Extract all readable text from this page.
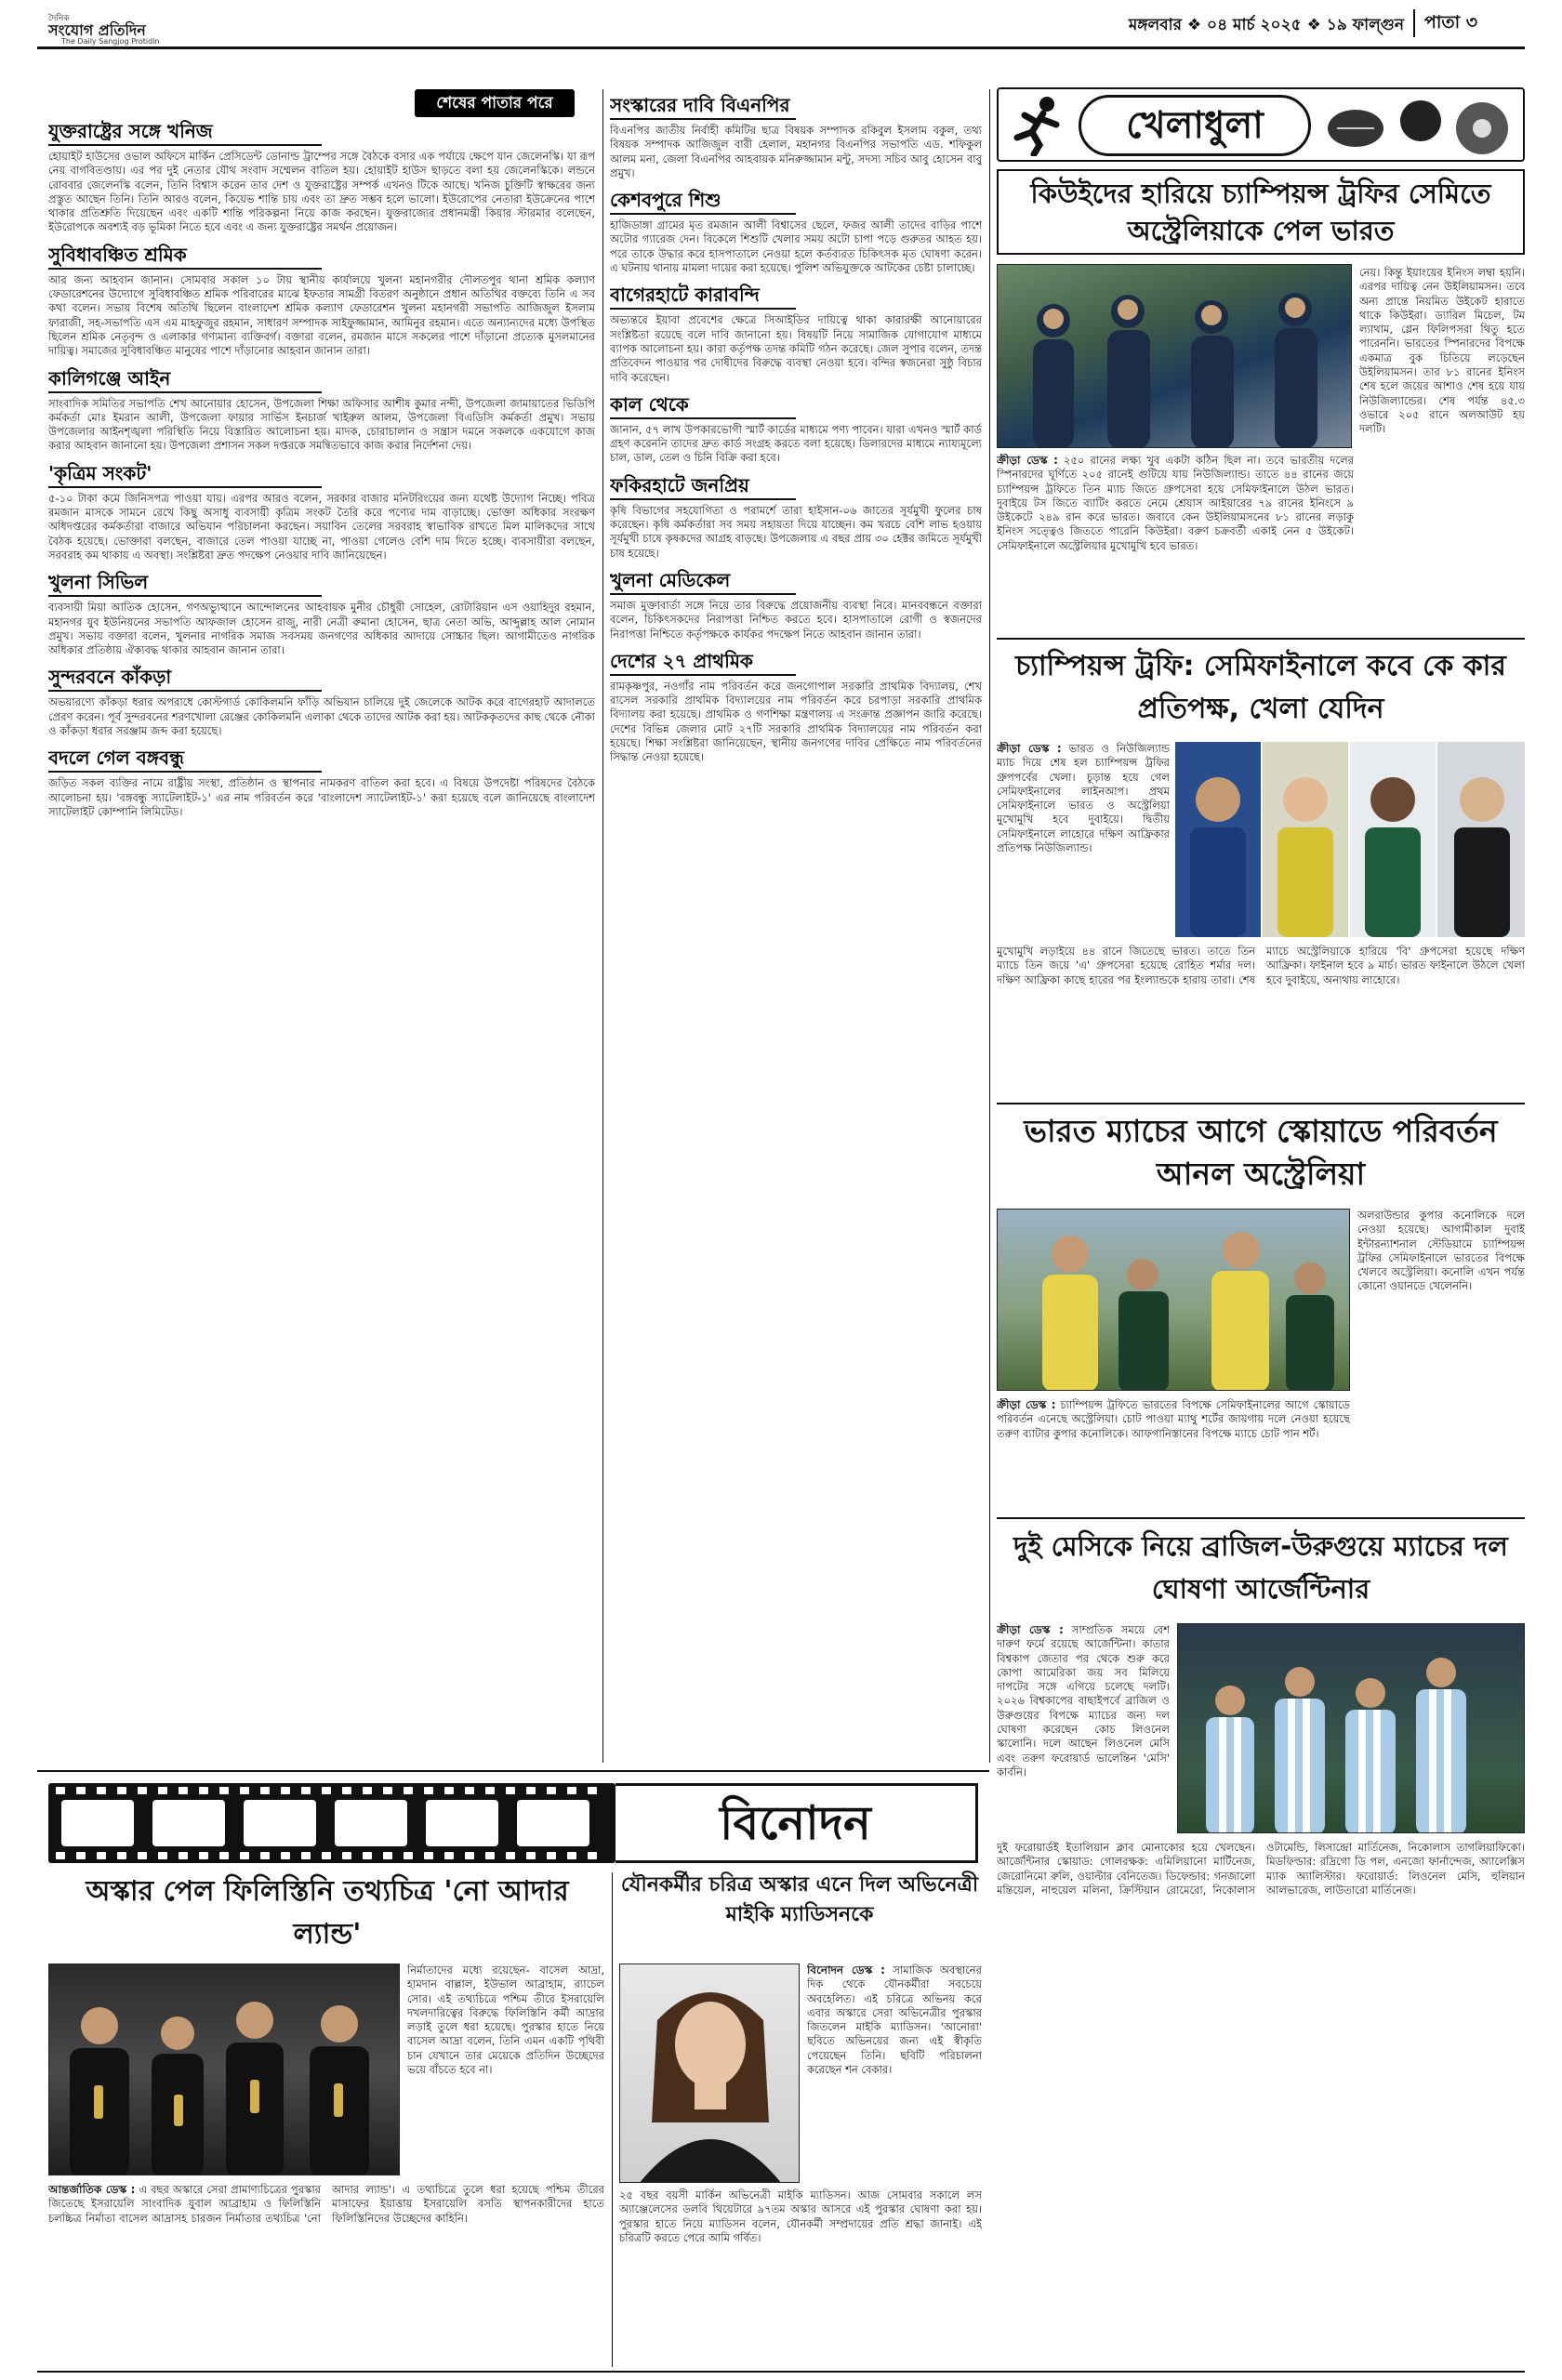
দৈনিক
সংযোগ প্রতিদিন
The Daily Sangjog Protidin
মঙ্গলবার ❖ ০৪ মার্চ ২০২৫ ❖ ১৯ ফাল্গুন	পাতা ৩
শেষের পাতার পরে
যুক্তরাষ্ট্রের সঙ্গে খনিজ
হোয়াইট হাউসের ওভাল অফিসে মার্কিন প্রেসিডেন্ট ডোনাল্ড ট্রাম্পের সঙ্গে বৈঠকে বসার এক পর্যায়ে ক্ষেপে যান জেলেনস্কি। যা রূপ নেয় বাগবিতণ্ডায়। এর পর দুই নেতার যৌথ সংবাদ সম্মেলন বাতিল হয়। হোয়াইট হাউস ছাড়তে বলা হয় জেলেনস্কিকে। লন্ডনে রোববার জেলেনস্কি বলেন, তিনি বিশ্বাস করেন তার দেশ ও যুক্তরাষ্ট্রের সম্পর্ক এখনও টিকে আছে। খনিজ চুক্তিটি স্বাক্ষরের জন্য প্রস্তুত আছেন তিনি। তিনি আরও বলেন, কিয়েভ শান্তি চায় এবং তা দ্রুত সম্ভব হলে ভালো। ইউরোপের নেতারা ইউক্রেনের পাশে থাকার প্রতিশ্রুতি দিয়েছেন এবং একটি শান্তি পরিকল্পনা নিয়ে কাজ করছেন। যুক্তরাজ্যের প্রধানমন্ত্রী কিয়ার স্টারমার বলেছেন, ইউরোপকে অবশ্যই বড় ভূমিকা নিতে হবে এবং এ জন্য যুক্তরাষ্ট্রের সমর্থন প্রয়োজন।
সুবিধাবঞ্চিত শ্রমিক
আর জন্য আহবান জানান। সোমবার সকাল ১০ টায় স্থানীয় কার্যালয়ে খুলনা মহানগরীর দৌলতপুর থানা শ্রমিক কল্যাণ ফেডারেশনের উদ্যোগে সুবিধাবঞ্চিত শ্রমিক পরিবারের মাঝে ইফতার সামগ্রী বিতরণ অনুষ্ঠানে প্রধান অতিথির বক্তব্যে তিনি এ সব কথা বলেন। সভায় বিশেষ অতিথি ছিলেন বাংলাদেশ শ্রমিক কল্যাণ ফেডারেশন খুলনা মহানগরী সভাপতি আজিজুল ইসলাম ফারাজী, সহ-সভাপতি এস এম মাহফুজুর রহমান, সাধারণ সম্পাদক সাইফুজ্জামান, আমিনুর রহমান। এতে অন্যান্যদের মধ্যে উপস্থিত ছিলেন শ্রমিক নেতৃবৃন্দ ও এলাকার গণ্যমান্য ব্যক্তিবর্গ। বক্তারা বলেন, রমজান মাসে সকলের পাশে দাঁড়ানো প্রত্যেক মুসলমানের দায়িত্ব। সমাজের সুবিধাবঞ্চিত মানুষের পাশে দাঁড়ানোর আহবান জানান তারা।
কালিগঞ্জে আইন
সাংবাদিক সমিতির সভাপতি শেখ আনোয়ার হোসেন, উপজেলা শিক্ষা অফিসার আশীষ কুমার নন্দী, উপজেলা জামায়াতের ভিডিপি কর্মকর্তা মোঃ ইমরান আলী, উপজেলা ফায়ার সার্ভিস ইনচার্জ খাইরুল আলম, উপজেলা বিএডিসি কর্মকর্তা প্রমুখ। সভায় উপজেলার আইনশৃঙ্খলা পরিস্থিতি নিয়ে বিস্তারিত আলোচনা হয়। মাদক, চোরাচালান ও সন্ত্রাস দমনে সকলকে একযোগে কাজ করার আহবান জানানো হয়। উপজেলা প্রশাসন সকল দপ্তরকে সমন্বিতভাবে কাজ করার নির্দেশনা দেয়।
'কৃত্রিম সংকট'
৫-১০ টাকা কমে জিনিসপত্র পাওয়া যায়। এরপর আরও বলেন, সরকার বাজার মনিটরিংয়ের জন্য যথেষ্ট উদ্যোগ নিচ্ছে। পবিত্র রমজান মাসকে সামনে রেখে কিছু অসাধু ব্যবসায়ী কৃত্রিম সংকট তৈরি করে পণ্যের দাম বাড়াচ্ছে। ভোক্তা অধিকার সংরক্ষণ অধিদপ্তরের কর্মকর্তারা বাজারে অভিযান পরিচালনা করছেন। সয়াবিন তেলের সরবরাহ স্বাভাবিক রাখতে মিল মালিকদের সাথে বৈঠক হয়েছে। ভোক্তারা বলছেন, বাজারে তেল পাওয়া যাচ্ছে না, পাওয়া গেলেও বেশি দাম দিতে হচ্ছে। ব্যবসায়ীরা বলছেন, সরবরাহ কম থাকায় এ অবস্থা। সংশ্লিষ্টরা দ্রুত পদক্ষেপ নেওয়ার দাবি জানিয়েছেন।
খুলনা সিভিল
ব্যবসায়ী মিয়া আতিক হোসেন, গণঅভ্যুত্থানে আন্দোলনের আহবায়ক মুনীর চৌধুরী সোহেল, রোটারিয়ান এস ওয়াহিদুর রহমান, মহানগর যুব ইউনিয়নের সভাপতি আফজাল হোসেন রাজু, নারী নেত্রী রুমানা হোসেন, ছাত্র নেতা অভি, আব্দুল্লাহ আল নোমান প্রমুখ। সভায় বক্তারা বলেন, খুলনার নাগরিক সমাজ সবসময় জনগণের অধিকার আদায়ে সোচ্চার ছিল। আগামীতেও নাগরিক অধিকার প্রতিষ্ঠায় ঐক্যবদ্ধ থাকার আহবান জানান তারা।
সুন্দরবনে কাঁকড়া
অভয়ারণ্যে কাঁকড়া ধরার অপরাধে কোস্টগার্ড কোকিলমনি ফাঁড়ি অভিযান চালিয়ে দুই জেলেকে আটক করে বাগেরহাট আদালতে প্রেরণ করেন। পূর্ব সুন্দরবনের শরণখোলা রেঞ্জের কোকিলমনি এলাকা থেকে তাদের আটক করা হয়। আটককৃতদের কাছ থেকে নৌকা ও কাঁকড়া ধরার সরঞ্জাম জব্দ করা হয়েছে।
বদলে গেল বঙ্গবন্ধু
জড়িত সকল ব্যক্তির নামে রাষ্ট্রীয় সংস্থা, প্রতিষ্ঠান ও স্থাপনার নামকরণ বাতিল করা হবে। এ বিষয়ে উপদেষ্টা পরিষদের বৈঠকে আলোচনা হয়। 'বঙ্গবন্ধু স্যাটেলাইট-১' এর নাম পরিবর্তন করে 'বাংলাদেশ স্যাটেলাইট-১' করা হয়েছে বলে জানিয়েছে বাংলাদেশ স্যাটেলাইট কোম্পানি লিমিটেড।
সংস্কারের দাবি বিএনপির
বিএনপির জাতীয় নির্বাহী কমিটির ছাত্র বিষয়ক সম্পাদক রকিবুল ইসলাম বকুল, তথ্য বিষয়ক সম্পাদক আজিজুল বারী হেলাল, মহানগর বিএনপির সভাপতি এড. শফিকুল আলম মনা, জেলা বিএনপির আহবায়ক মনিরুজ্জামান মন্টু, সদস্য সচিব আবু হোসেন বাবু প্রমুখ।
কেশবপুরে শিশু
হাজিডাঙ্গা গ্রামের মৃত রমজান আলী বিশ্বাসের ছেলে, ফজর আলী তাদের বাড়ির পাশে অটোর গ্যারেজ দেন। বিকেলে শিশুটি খেলার সময় অটো চাপা পড়ে গুরুতর আহত হয়। পরে তাকে উদ্ধার করে হাসপাতালে নেওয়া হলে কর্তব্যরত চিকিৎসক মৃত ঘোষণা করেন। এ ঘটনায় থানায় মামলা দায়ের করা হয়েছে। পুলিশ অভিযুক্তকে আটকের চেষ্টা চালাচ্ছে।
বাগেরহাটে কারাবন্দি
অভ্যন্তরে ইয়াবা প্রবেশের ক্ষেত্রে সিআইডির দায়িত্বে থাকা কারারক্ষী আনোয়ারের সংশ্লিষ্টতা রয়েছে বলে দাবি জানানো হয়। বিষয়টি নিয়ে সামাজিক যোগাযোগ মাধ্যমে ব্যাপক আলোচনা হয়। কারা কর্তৃপক্ষ তদন্ত কমিটি গঠন করেছে। জেল সুপার বলেন, তদন্ত প্রতিবেদন পাওয়ার পর দোষীদের বিরুদ্ধে ব্যবস্থা নেওয়া হবে। বন্দির স্বজনেরা সুষ্ঠু বিচার দাবি করেছেন।
কাল থেকে
জানান, ৫৭ লাখ উপকারভোগী স্মার্ট কার্ডের মাধ্যমে পণ্য পাবেন। যারা এখনও স্মার্ট কার্ড গ্রহণ করেননি তাদের দ্রুত কার্ড সংগ্রহ করতে বলা হয়েছে। ডিলারদের মাধ্যমে ন্যায্যমূল্যে চাল, ডাল, তেল ও চিনি বিক্রি করা হবে।
ফকিরহাটে জনপ্রিয়
কৃষি বিভাগের সহযোগিতা ও পরামর্শে তারা হাইসান-০৬ জাতের সূর্যমুখী ফুলের চাষ করেছেন। কৃষি কর্মকর্তারা সব সময় সহায়তা দিয়ে যাচ্ছেন। কম খরচে বেশি লাভ হওয়ায় সূর্যমুখী চাষে কৃষকদের আগ্রহ বাড়ছে। উপজেলায় এ বছর প্রায় ৩০ হেক্টর জমিতে সূর্যমুখী চাষ হয়েছে।
খুলনা মেডিকেল
সমাজ মুক্তাবার্তা সঙ্গে নিয়ে তার বিরুদ্ধে প্রয়োজনীয় ব্যবস্থা নিবে। মানববন্ধনে বক্তারা বলেন, চিকিৎসকদের নিরাপত্তা নিশ্চিত করতে হবে। হাসপাতালে রোগী ও স্বজনদের নিরাপত্তা নিশ্চিতে কর্তৃপক্ষকে কার্যকর পদক্ষেপ নিতে আহবান জানান তারা।
দেশের ২৭ প্রাথমিক
রামকৃষ্ণপুর, নওগাঁর নাম পরিবর্তন করে জনগোপাল সরকারি প্রাথমিক বিদ্যালয়, শেখ রাসেল সরকারি প্রাথমিক বিদ্যালয়ের নাম পরিবর্তন করে চরপাড়া সরকারি প্রাথমিক বিদ্যালয় করা হয়েছে। প্রাথমিক ও গণশিক্ষা মন্ত্রণালয় এ সংক্রান্ত প্রজ্ঞাপন জারি করেছে। দেশের বিভিন্ন জেলার মোট ২৭টি সরকারি প্রাথমিক বিদ্যালয়ের নাম পরিবর্তন করা হয়েছে। শিক্ষা সংশ্লিষ্টরা জানিয়েছেন, স্থানীয় জনগণের দাবির প্রেক্ষিতে নাম পরিবর্তনের সিদ্ধান্ত নেওয়া হয়েছে।
খেলাধুলা
কিউইদের হারিয়ে চ্যাম্পিয়ন্স ট্রফির সেমিতে অস্ট্রেলিয়াকে পেল ভারত
নেয়। কিন্তু ইয়াংয়ের ইনিংস লম্বা হয়নি। এরপর দায়িত্ব নেন উইলিয়ামসন। তবে অন্য প্রান্তে নিয়মিত উইকেট হারাতে থাকে কিউইরা। ড্যারিল মিচেল, টম ল্যাথাম, গ্লেন ফিলিপসরা থিতু হতে পারেননি। ভারতের স্পিনারদের বিপক্ষে একমাত্র বুক চিতিয়ে লড়েছেন উইলিয়ামসন। তার ৮১ রানের ইনিংস শেষ হলে জয়ের আশাও শেষ হয়ে যায় নিউজিল্যান্ডের। শেষ পর্যন্ত ৪৫.৩ ওভারে ২০৫ রানে অলআউট হয় দলটি।
ক্রীড়া ডেস্ক : ২৫০ রানের লক্ষ্য খুব একটা কঠিন ছিল না। তবে ভারতীয় দলের স্পিনারদের ঘূর্ণিতে ২০৫ রানেই গুটিয়ে যায় নিউজিল্যান্ড। তাতে ৪৪ রানের জয়ে চ্যাম্পিয়ন্স ট্রফিতে তিন ম্যাচ জিতে গ্রুপসেরা হয়ে সেমিফাইনালে উঠল ভারত। দুবাইয়ে টস জিতে ব্যাটিং করতে নেমে শ্রেয়াস আইয়ারের ৭৯ রানের ইনিংসে ৯ উইকেটে ২৪৯ রান করে ভারত। জবাবে কেন উইলিয়ামসনের ৮১ রানের লড়াকু ইনিংস সত্ত্বেও জিততে পারেনি কিউইরা। বরুণ চক্রবর্তী একাই নেন ৫ উইকেট। সেমিফাইনালে অস্ট্রেলিয়ার মুখোমুখি হবে ভারত।
চ্যাম্পিয়ন্স ট্রফি: সেমিফাইনালে কবে কে কার প্রতিপক্ষ, খেলা যেদিন
ক্রীড়া ডেস্ক : ভারত ও নিউজিল্যান্ড ম্যাচ দিয়ে শেষ হল চ্যাম্পিয়ন্স ট্রফির গ্রুপপর্বের খেলা। চূড়ান্ত হয়ে গেল সেমিফাইনালের লাইনআপ। প্রথম সেমিফাইনালে ভারত ও অস্ট্রেলিয়া মুখোমুখি হবে দুবাইয়ে। দ্বিতীয় সেমিফাইনালে লাহোরে দক্ষিণ আফ্রিকার প্রতিপক্ষ নিউজিল্যান্ড।
মুখোমুখি লড়াইয়ে ৪৪ রানে জিতেছে ভারত। তাতে তিন ম্যাচে তিন জয়ে 'এ' গ্রুপসেরা হয়েছে রোহিত শর্মার দল। দক্ষিণ আফ্রিকা কাছে হারের পর ইংল্যান্ডকে হারায় তারা। শেষ ম্যাচে অস্ট্রেলিয়াকে হারিয়ে 'বি' গ্রুপসেরা হয়েছে দক্ষিণ আফ্রিকা। ফাইনাল হবে ৯ মার্চ। ভারত ফাইনালে উঠলে খেলা হবে দুবাইয়ে, অন্যথায় লাহোরে।
ভারত ম্যাচের আগে স্কোয়াডে পরিবর্তন আনল অস্ট্রেলিয়া
অলরাউন্ডার কুপার কনোলিকে দলে নেওয়া হয়েছে। আগামীকাল দুবাই ইন্টারন্যাশনাল স্টেডিয়ামে চ্যাম্পিয়ন্স ট্রফির সেমিফাইনালে ভারতের বিপক্ষে খেলবে অস্ট্রেলিয়া। কনোলি এখন পর্যন্ত কোনো ওয়ানডে খেলেননি।
ক্রীড়া ডেস্ক : চ্যাম্পিয়ন্স ট্রফিতে ভারতের বিপক্ষে সেমিফাইনালের আগে স্কোয়াডে পরিবর্তন এনেছে অস্ট্রেলিয়া। চোট পাওয়া ম্যাথু শর্টের জায়গায় দলে নেওয়া হয়েছে তরুণ ব্যাটার কুপার কনোলিকে। আফগানিস্তানের বিপক্ষে ম্যাচে চোট পান শর্ট।
দুই মেসিকে নিয়ে ব্রাজিল-উরুগুয়ে ম্যাচের দল ঘোষণা আর্জেন্টিনার
ক্রীড়া ডেস্ক : সাম্প্রতিক সময়ে বেশ দারুণ ফর্মে রয়েছে আর্জেন্টিনা। কাতার বিশ্বকাপ জেতার পর থেকে শুরু করে কোপা আমেরিকা জয় সব মিলিয়ে দাপটের সঙ্গে এগিয়ে চলেছে দলটি। ২০২৬ বিশ্বকাপের বাছাইপর্বে ব্রাজিল ও উরুগুয়ের বিপক্ষে ম্যাচের জন্য দল ঘোষণা করেছেন কোচ লিওনেল স্কালোনি। দলে আছেন লিওনেল মেসি এবং তরুণ ফরোয়ার্ড ভালেন্তিন 'মেসি' কার্বনি।
দুই ফরোয়ার্ডই ইতালিয়ান ক্লাব মোনাকোর হয়ে খেলছেন। আর্জেন্টিনার স্কোয়াড: গোলরক্ষক: এমিলিয়ানো মার্টিনেজ, জেরোনিমো রুলি, ওয়াল্টার বেনিতেজ। ডিফেন্ডার: গনজালো মন্তিয়েল, নাহুয়েল মলিনা, ক্রিস্টিয়ান রোমেরো, নিকোলাস ওটামেন্ডি, লিসান্দ্রো মার্তিনেজ, নিকোলাস তাগলিয়াফিকো। মিডফিল্ডার: রদ্রিগো ডি পল, এনজো ফার্নান্দেজ, অ্যালেক্সিস ম্যাক অ্যালিস্টার। ফরোয়ার্ড: লিওনেল মেসি, হুলিয়ান আলভারেজ, লাউতারো মার্তিনেজ।
বিনোদন
অস্কার পেল ফিলিস্তিনি তথ্যচিত্র 'নো আদার ল্যান্ড'
যৌনকর্মীর চরিত্র অস্কার এনে দিল অভিনেত্রী মাইকি ম্যাডিসনকে
নির্মাতাদের মধ্যে রয়েছেন- বাসেল আদ্রা, হামদান বাল্লাল, ইউভাল আব্রাহাম, র‍্যাচেল সোর। এই তথ্যচিত্রে পশ্চিম তীরে ইসরায়েলি দখলদারিত্বের বিরুদ্ধে ফিলিস্তিনি কর্মী আদ্রার লড়াই তুলে ধরা হয়েছে। পুরস্কার হাতে নিয়ে বাসেল আদ্রা বলেন, তিনি এমন একটি পৃথিবী চান যেখানে তার মেয়েকে প্রতিদিন উচ্ছেদের ভয়ে বাঁচতে হবে না।
আন্তর্জাতিক ডেস্ক : এ বছর অস্কারে সেরা প্রামাণ্যচিত্রের পুরস্কার জিতেছে ইসরায়েলি সাংবাদিক যুবাল আব্রাহাম ও ফিলিস্তিনি চলচ্চিত্র নির্মাতা বাসেল আদ্রাসহ চারজন নির্মাতার তথ্যচিত্র 'নো আদার ল্যান্ড'। এ তথ্যচিত্রে তুলে ধরা হয়েছে পশ্চিম তীরের মাসাফের ইয়াত্তায় ইসরায়েলি বসতি স্থাপনকারীদের হাতে ফিলিস্তিনিদের উচ্ছেদের কাহিনি।
বিনোদন ডেস্ক : সামাজিক অবস্থানের দিক থেকে যৌনকর্মীরা সবচেয়ে অবহেলিত। এই চরিত্রে অভিনয় করে এবার অস্কারে সেরা অভিনেত্রীর পুরস্কার জিতলেন মাইকি ম্যাডিসন। 'আনোরা' ছবিতে অভিনয়ের জন্য এই স্বীকৃতি পেয়েছেন তিনি। ছবিটি পরিচালনা করেছেন শন বেকার।
২৫ বছর বয়সী মার্কিন অভিনেত্রী মাইকি ম্যাডিসন। আজ সোমবার সকালে লস অ্যাঞ্জেলেসের ডলবি থিয়েটারে ৯৭তম অস্কার আসরে এই পুরস্কার ঘোষণা করা হয়। পুরস্কার হাতে নিয়ে ম্যাডিসন বলেন, যৌনকর্মী সম্প্রদায়ের প্রতি শ্রদ্ধা জানাই। এই চরিত্রটি করতে পেরে আমি গর্বিত।
